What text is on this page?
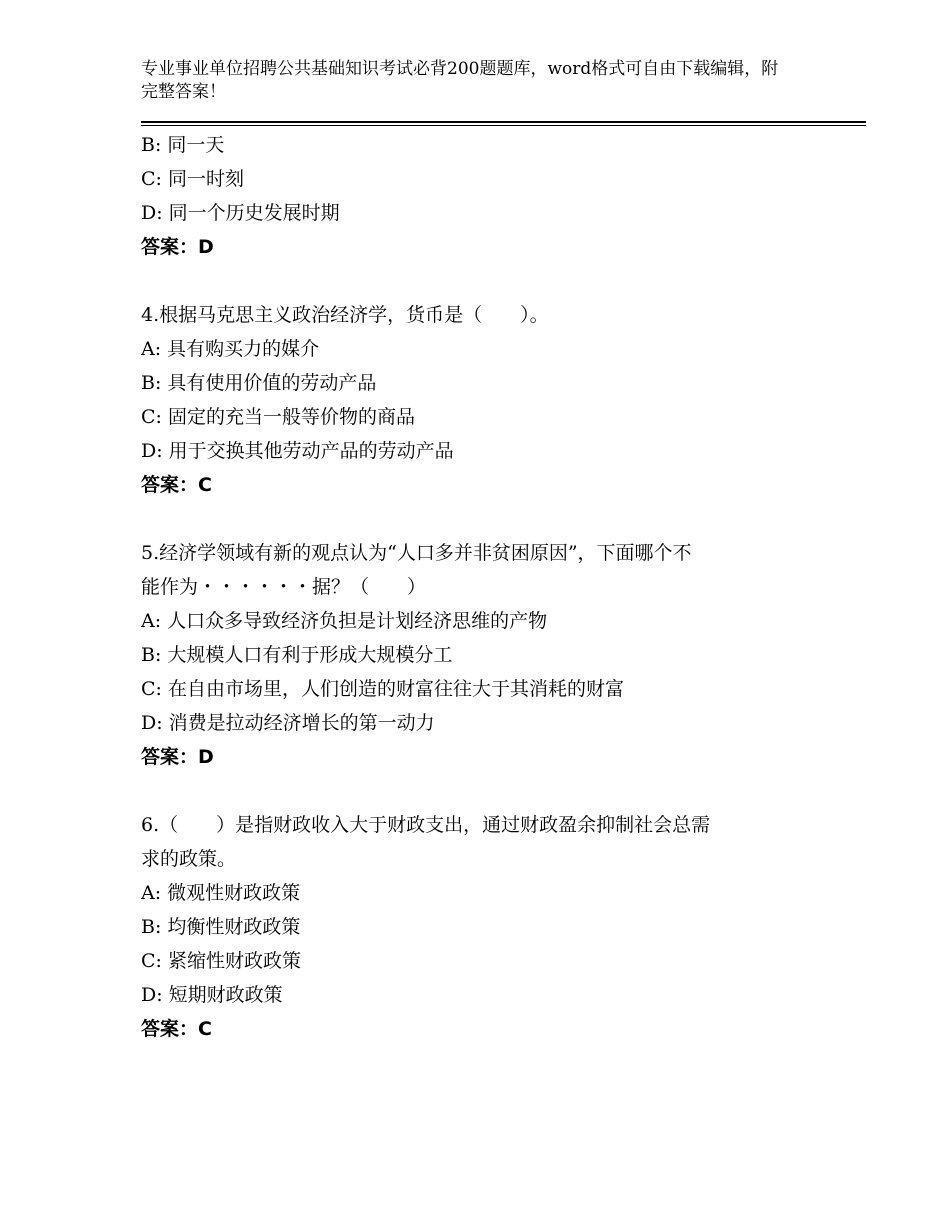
专业事业单位招聘公共基础知识考试必背200题题库，word格式可自由下载编辑，附完整答案！
B: 同一天
C: 同一时刻
D: 同一个历史发展时期
答案：D
4.根据马克思主义政治经济学，货币是（　　）。
A: 具有购买力的媒介
B: 具有使用价值的劳动产品
C: 固定的充当一般等价物的商品
D: 用于交换其他劳动产品的劳动产品
答案：C
5.经济学领域有新的观点认为“人口多并非贫困原因”，下面哪个不
能作为・・・・・・据？（　　）
A: 人口众多导致经济负担是计划经济思维的产物
B: 大规模人口有利于形成大规模分工
C: 在自由市场里，人们创造的财富往往大于其消耗的财富
D: 消费是拉动经济增长的第一动力
答案：D
6.（　　）是指财政收入大于财政支出，通过财政盈余抑制社会总需
求的政策。
A: 微观性财政政策
B: 均衡性财政政策
C: 紧缩性财政政策
D: 短期财政政策
答案：C
